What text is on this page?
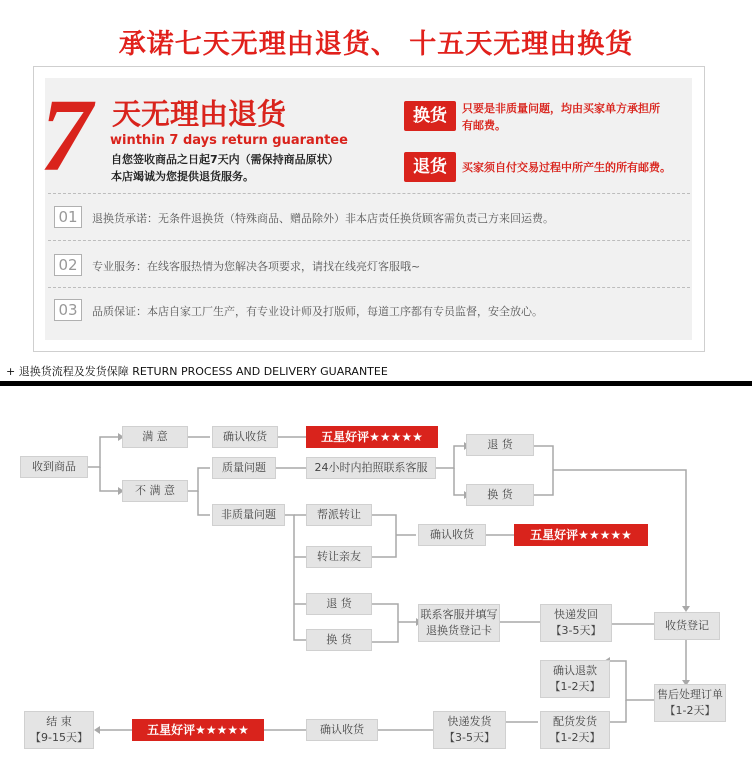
承诺七天无理由退货、 十五天无理由换货
7 天无理由退货
winthin 7 days return guarantee
自您签收商品之日起7天内（需保持商品原状）
本店竭诚为您提供退货服务。
换货	只要是非质量问题，均由买家单方承担所
有邮费。
退货	买家须自付交易过程中所产生的所有邮费。
01	退换货承诺：无条件退换货（特殊商品、赠品除外）非本店责任换货顾客需负责己方来回运费。
02	专业服务：在线客服热情为您解决各项要求，请找在线亮灯客服哦~
03	品质保证：本店自家工厂生产，有专业设计师及打版师，每道工序都有专员监督，安全放心。
+ 退换货流程及发货保障 RETURN PROCESS AND DELIVERY GUARANTEE
收到商品
满 意
不 满 意
确认收货	五星好评★★★★★
质量问题	24小时内拍照联系客服
退 货
换 货
非质量问题	帮派转让
转让亲友
确认收货	五星好评★★★★★
退 货
换 货
联系客服并填写
退换货登记卡
快递发回
【3-5天】	收货登记
确认退款
【1-2天】
售后处理订单
【1-2天】
配货发货
【1-2天】
快递发货
【3-5天】
确认收货
五星好评★★★★★
结 束
【9-15天】
